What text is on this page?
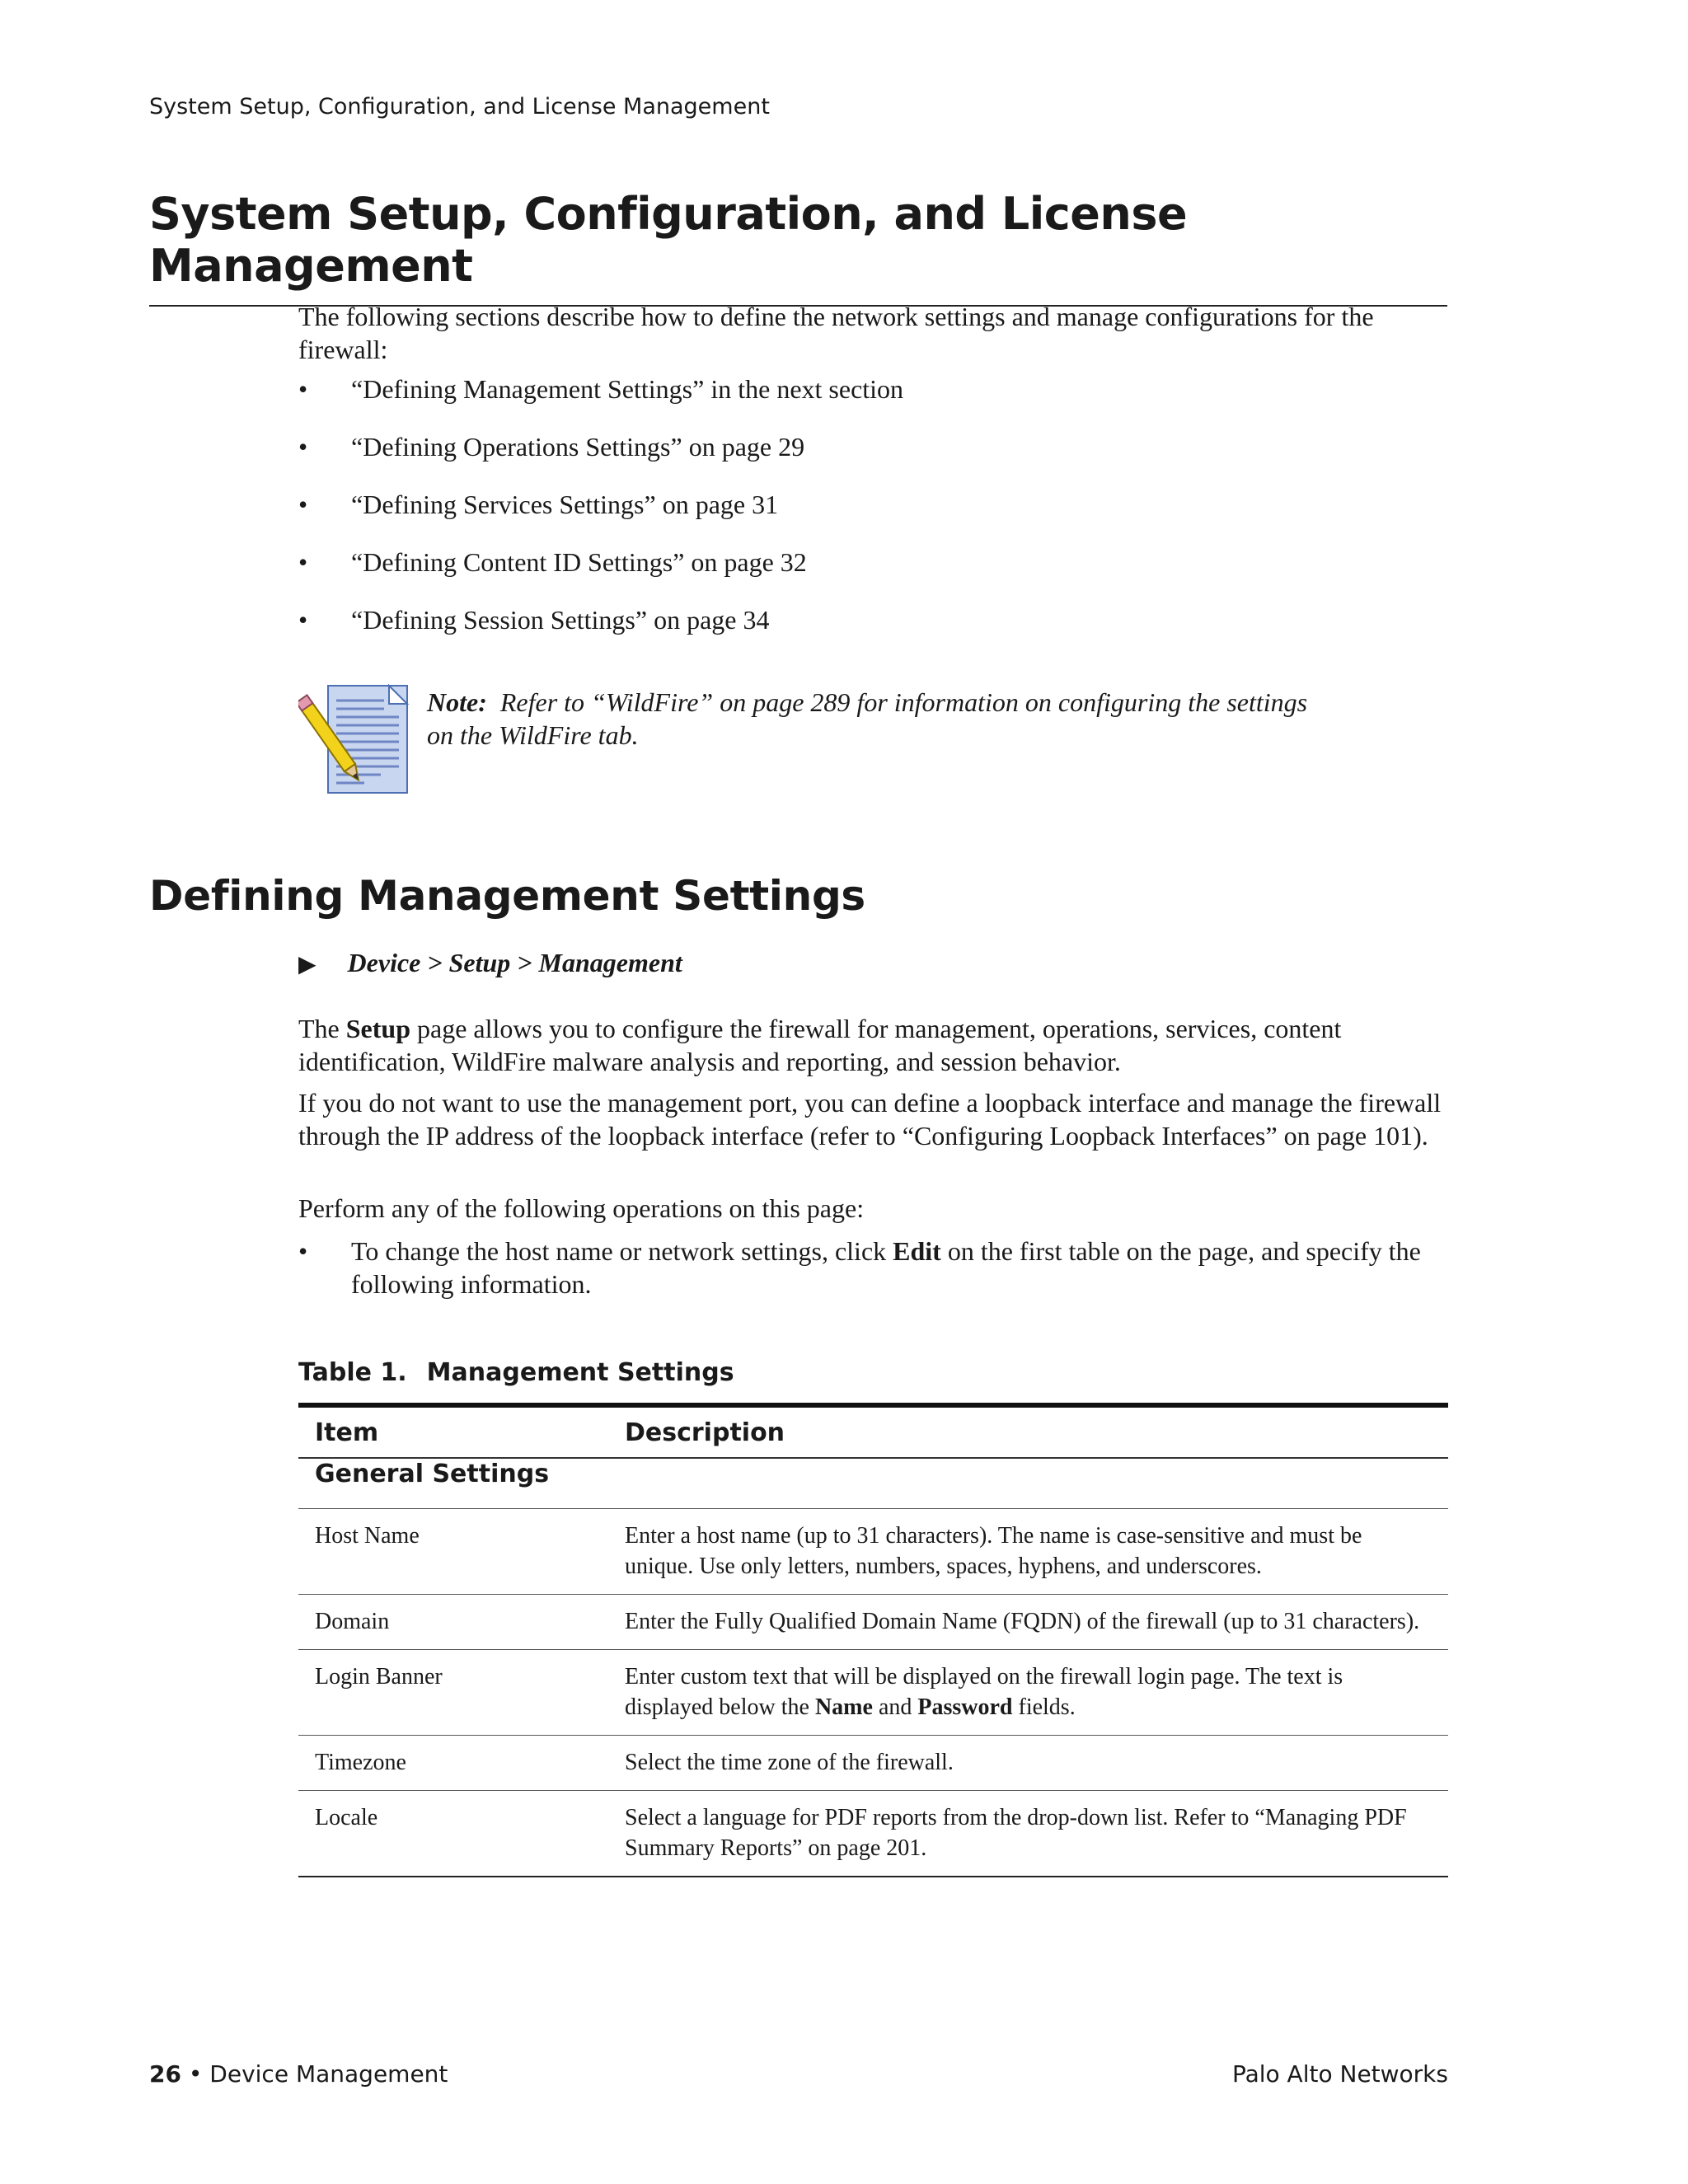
System Setup, Configuration, and License Management
System Setup, Configuration, and License Management
The following sections describe how to define the network settings and manage configurations for the firewall:
• “Defining Management Settings” in the next section
• “Defining Operations Settings” on page 29
• “Defining Services Settings” on page 31
• “Defining Content ID Settings” on page 32
• “Defining Session Settings” on page 34
Note: Refer to “WildFire” on page 289 for information on configuring the settings on the WildFire tab.
Defining Management Settings
▶ Device > Setup > Management
The Setup page allows you to configure the firewall for management, operations, services, content identification, WildFire malware analysis and reporting, and session behavior.
If you do not want to use the management port, you can define a loopback interface and manage the firewall through the IP address of the loopback interface (refer to “Configuring Loopback Interfaces” on page 101).
Perform any of the following operations on this page:
• To change the host name or network settings, click Edit on the first table on the page, and specify the following information.
Table 1. Management Settings
Item	Description
General Settings	
Host Name	Enter a host name (up to 31 characters). The name is case-sensitive and must be unique. Use only letters, numbers, spaces, hyphens, and underscores.
Domain	Enter the Fully Qualified Domain Name (FQDN) of the firewall (up to 31 characters).
Login Banner	Enter custom text that will be displayed on the firewall login page. The text is displayed below the Name and Password fields.
Timezone	Select the time zone of the firewall.
Locale	Select a language for PDF reports from the drop-down list. Refer to “Managing PDF Summary Reports” on page 201.
26 • Device Management	Palo Alto Networks
